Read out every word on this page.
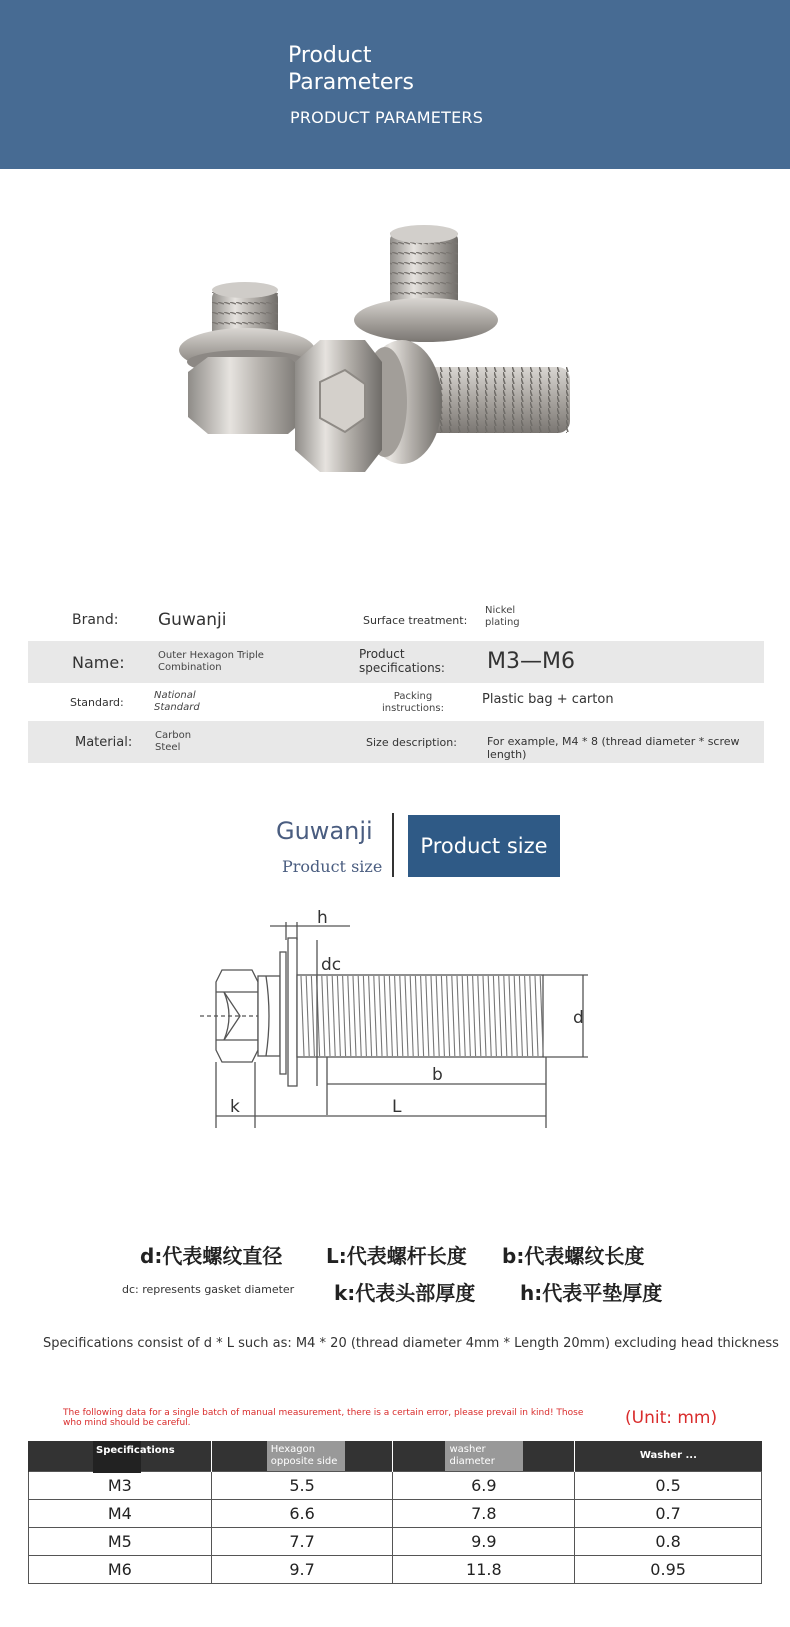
Product Parameters
PRODUCT PARAMETERS
Brand: Guwanji	Surface treatment:
Nickel plating
Name:	Outer Hexagon Triple Combination
Product specifications:	M3—M6
Standard:
National Standard
Packing instructions:
Plastic bag + carton
Material: Carbon Steel	Size description:	For example, M4 * 8 (thread diameter * screw length)
Guwanji
Product size
Product size
h
dc
d
b
k	L
d:代表螺纹直径 L:代表螺杆长度 b:代表螺纹长度
dc: represents gasket diameter k:代表头部厚度 h:代表平垫厚度
Specifications consist of d * L such as: M4 * 20 (thread diameter 4mm * Length 20mm) excluding head thickness
The following data for a single batch of manual measurement, there is a certain error, please prevail in kind! Those who mind should be careful.	(Unit: mm)
Specifications	Hexagon opposite side	washer diameter	Washer ...
M3	5.5	6.9	0.5
M4	6.6	7.8	0.7
M5	7.7	9.9	0.8
M6	9.7	11.8	0.95
